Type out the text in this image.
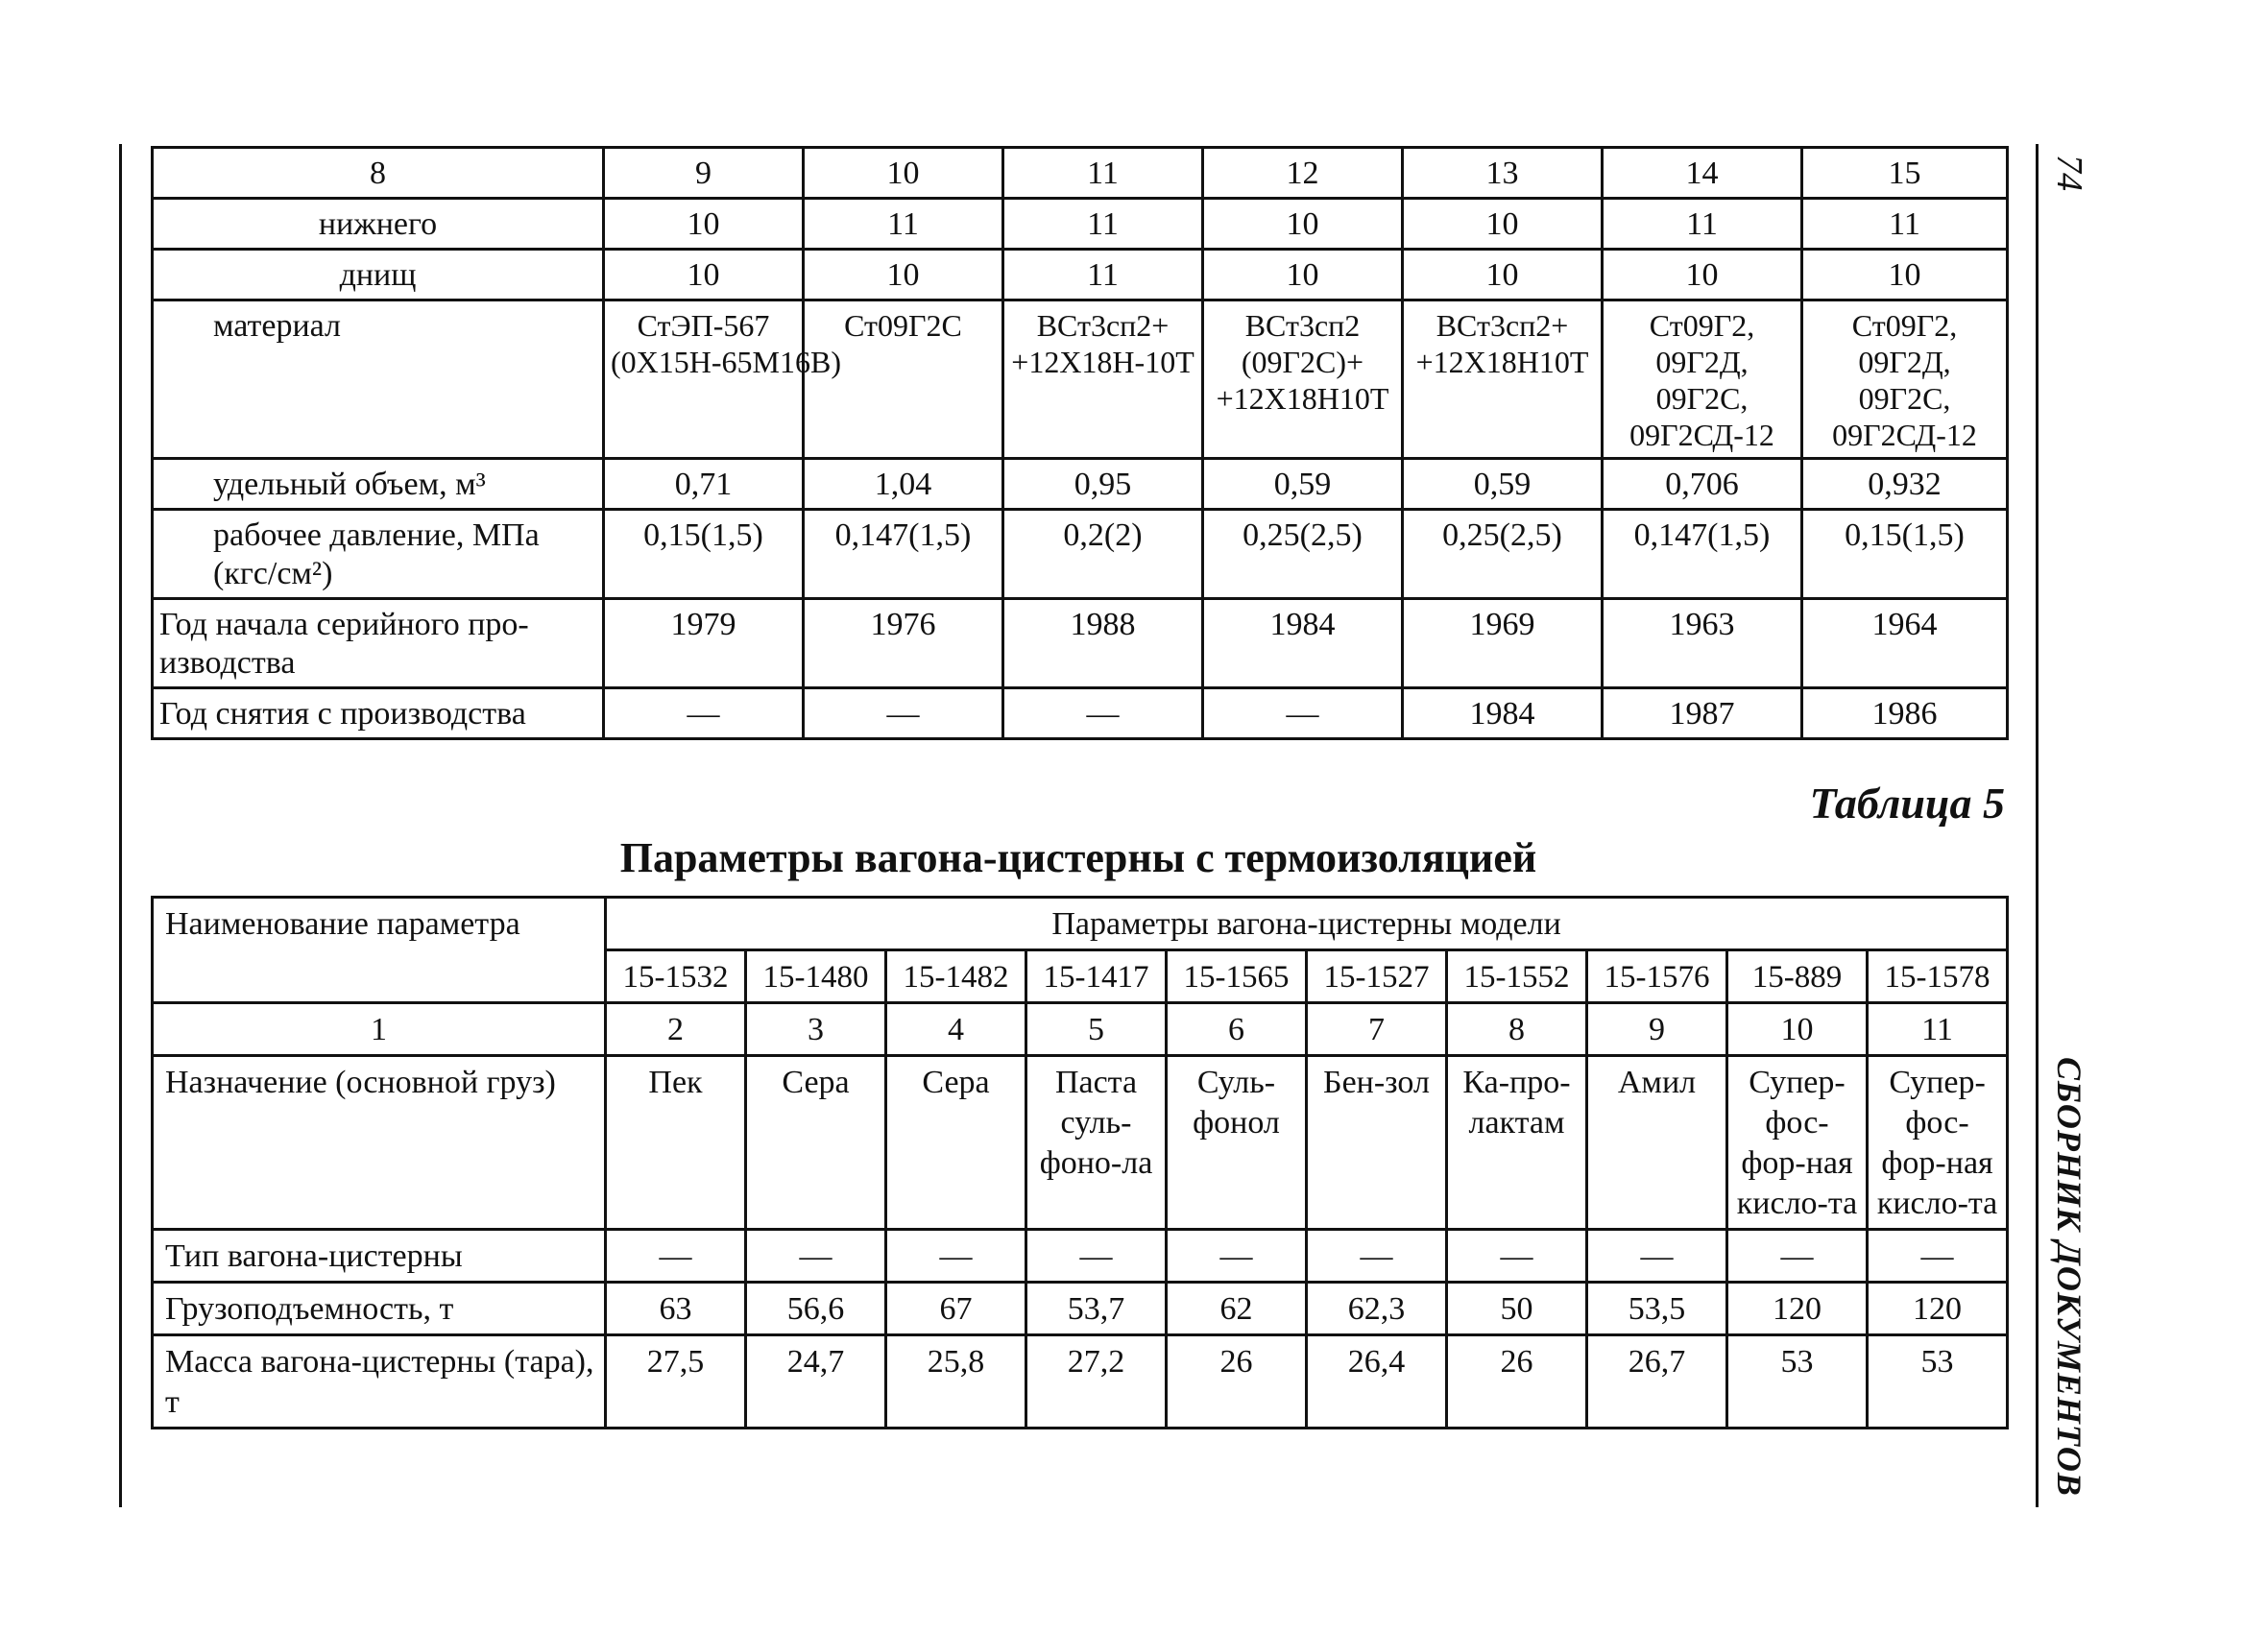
74
СБОРНИК ДОКУМЕНТОВ
8	9	10	11	12	13	14	15
нижнего	10	11	11	10	10	11	11
днищ	10	10	11	10	10	10	10
материал	СтЭП-567 (0Х15Н-65М16В)	Ст09Г2С	ВСт3сп2+ +12Х18Н-10Т	ВСт3сп2 (09Г2С)+ +12Х18Н10Т	ВСт3сп2+ +12Х18Н10Т	Ст09Г2, 09Г2Д, 09Г2С, 09Г2СД-12	Ст09Г2, 09Г2Д, 09Г2С, 09Г2СД-12
удельный объем, м³	0,71	1,04	0,95	0,59	0,59	0,706	0,932
рабочее давление, МПа (кгс/см²)	0,15(1,5)	0,147(1,5)	0,2(2)	0,25(2,5)	0,25(2,5)	0,147(1,5)	0,15(1,5)
Год начала серийного про-изводства	1979	1976	1988	1984	1969	1963	1964
Год снятия с производства	—	—	—	—	1984	1987	1986
Таблица 5
Параметры вагона-цистерны с термоизоляцией
Наименование параметра	Параметры вагона-цистерны модели									
	15-1532	15-1480	15-1482	15-1417	15-1565	15-1527	15-1552	15-1576	15-889	15-1578
1	2	3	4	5	6	7	8	9	10	11
Назначение (основной груз)	Пек	Сера	Сера	Паста суль-фоно-ла	Суль-фонол	Бен-зол	Ка-про-лактам	Амил	Супер-фос-фор-ная кисло-та	Супер-фос-фор-ная кисло-та
Тип вагона-цистерны	—	—	—	—	—	—	—	—	—	—
Грузоподъемность, т	63	56,6	67	53,7	62	62,3	50	53,5	120	120
Масса вагона-цистерны (тара), т	27,5	24,7	25,8	27,2	26	26,4	26	26,7	53	53
